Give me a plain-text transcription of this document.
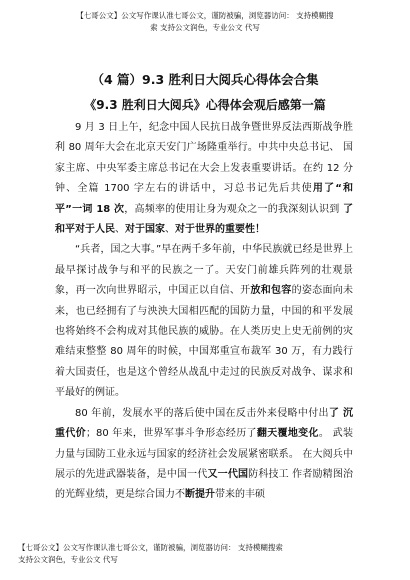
【七哥公文】公文写作课认准七哥公文，谨防被骗，浏览器访问： 支持模糊搜
索 支持公文润色，专业公文 代写
（4 篇）9.3 胜利日大阅兵心得体会合集
《9.3 胜利日大阅兵》心得体会观后感第一篇

9 月 3 日上午，纪念中国人民抗日战争暨世界反法西斯战争胜利 80 周年大会在北京天安门广场隆重举行。中共中央总书记、 国家主席、中央军委主席总书记在大会上发表重要讲话。在约 12 分钟、全篇 1700 字左右的讲话中，习总书记先后共使用了“和 平”一词 18 次，高频率的使用让身为观众之一的我深刻认识到 了和平对于人民、对于国家、对于世界的重要性！

“兵者，国之大事。”早在两千多年前，中华民族就已经是世界上最早探讨战争与和平的民族之一了。天安门前雄兵阵列的壮观景象，再一次向世界昭示，中国正以自信、开放和包容的姿态面向未来，也已经拥有了与泱泱大国相匹配的国防力量，中国的和平发展也将始终不会构成对其他民族的威胁。在人类历史上史无前例的灾难结束整整 80 周年的时候，中国郑重宣布裁军 30 万，有力践行着大国责任，也是这个曾经从战乱中走过的民族反对战争、谋求和平最好的例证。

80 年前，发展水平的落后使中国在反击外来侵略中付出了 沉重代价；80 年来，世界军事斗争形态经历了翻天覆地变化。 武装力量与国防工业永远与国家的经济社会发展紧密联系。 在大阅兵中展示的先进武器装备，是中国一代又一代国防科技工 作者励精图治的光辉业绩，更是综合国力不断提升带来的丰硕

【七哥公文】公文写作课认准七哥公文，谨防被骗，浏览器访问： 支持模糊搜索
支持公文润色，专业公文 代写
